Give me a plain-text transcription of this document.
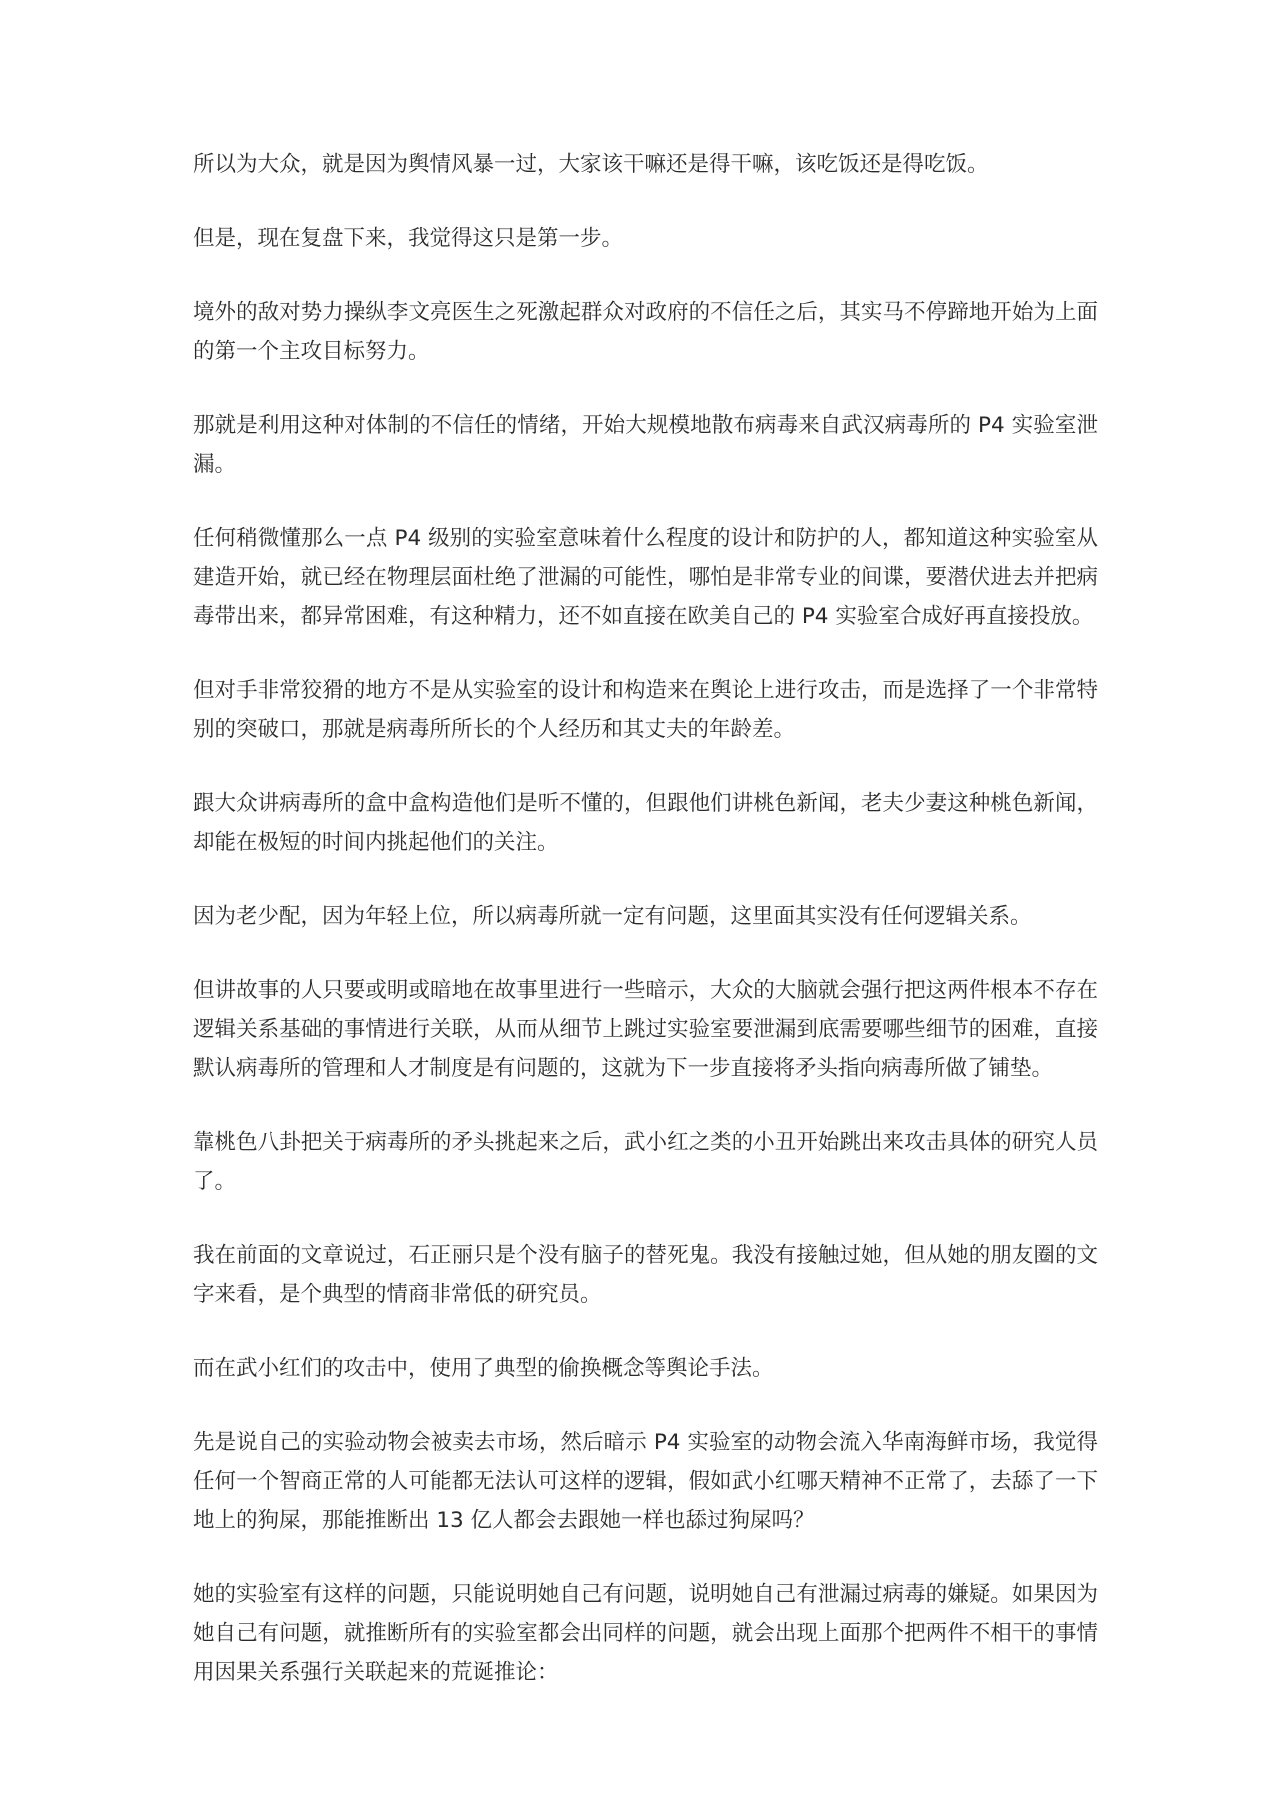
所以为大众，就是因为舆情风暴一过，大家该干嘛还是得干嘛，该吃饭还是得吃饭。

但是，现在复盘下来，我觉得这只是第一步。

境外的敌对势力操纵李文亮医生之死激起群众对政府的不信任之后，其实马不停蹄地开始为上面的第一个主攻目标努力。

那就是利用这种对体制的不信任的情绪，开始大规模地散布病毒来自武汉病毒所的 P4 实验室泄漏。

任何稍微懂那么一点 P4 级别的实验室意味着什么程度的设计和防护的人，都知道这种实验室从建造开始，就已经在物理层面杜绝了泄漏的可能性，哪怕是非常专业的间谍，要潜伏进去并把病毒带出来，都异常困难，有这种精力，还不如直接在欧美自己的 P4 实验室合成好再直接投放。

但对手非常狡猾的地方不是从实验室的设计和构造来在舆论上进行攻击，而是选择了一个非常特别的突破口，那就是病毒所所长的个人经历和其丈夫的年龄差。

跟大众讲病毒所的盒中盒构造他们是听不懂的，但跟他们讲桃色新闻，老夫少妻这种桃色新闻，却能在极短的时间内挑起他们的关注。

因为老少配，因为年轻上位，所以病毒所就一定有问题，这里面其实没有任何逻辑关系。

但讲故事的人只要或明或暗地在故事里进行一些暗示，大众的大脑就会强行把这两件根本不存在逻辑关系基础的事情进行关联，从而从细节上跳过实验室要泄漏到底需要哪些细节的困难，直接默认病毒所的管理和人才制度是有问题的，这就为下一步直接将矛头指向病毒所做了铺垫。

靠桃色八卦把关于病毒所的矛头挑起来之后，武小红之类的小丑开始跳出来攻击具体的研究人员了。

我在前面的文章说过，石正丽只是个没有脑子的替死鬼。我没有接触过她，但从她的朋友圈的文字来看，是个典型的情商非常低的研究员。

而在武小红们的攻击中，使用了典型的偷换概念等舆论手法。

先是说自己的实验动物会被卖去市场，然后暗示 P4 实验室的动物会流入华南海鲜市场，我觉得任何一个智商正常的人可能都无法认可这样的逻辑，假如武小红哪天精神不正常了，去舔了一下地上的狗屎，那能推断出 13 亿人都会去跟她一样也舔过狗屎吗？

她的实验室有这样的问题，只能说明她自己有问题，说明她自己有泄漏过病毒的嫌疑。如果因为她自己有问题，就推断所有的实验室都会出同样的问题，就会出现上面那个把两件不相干的事情用因果关系强行关联起来的荒诞推论：
